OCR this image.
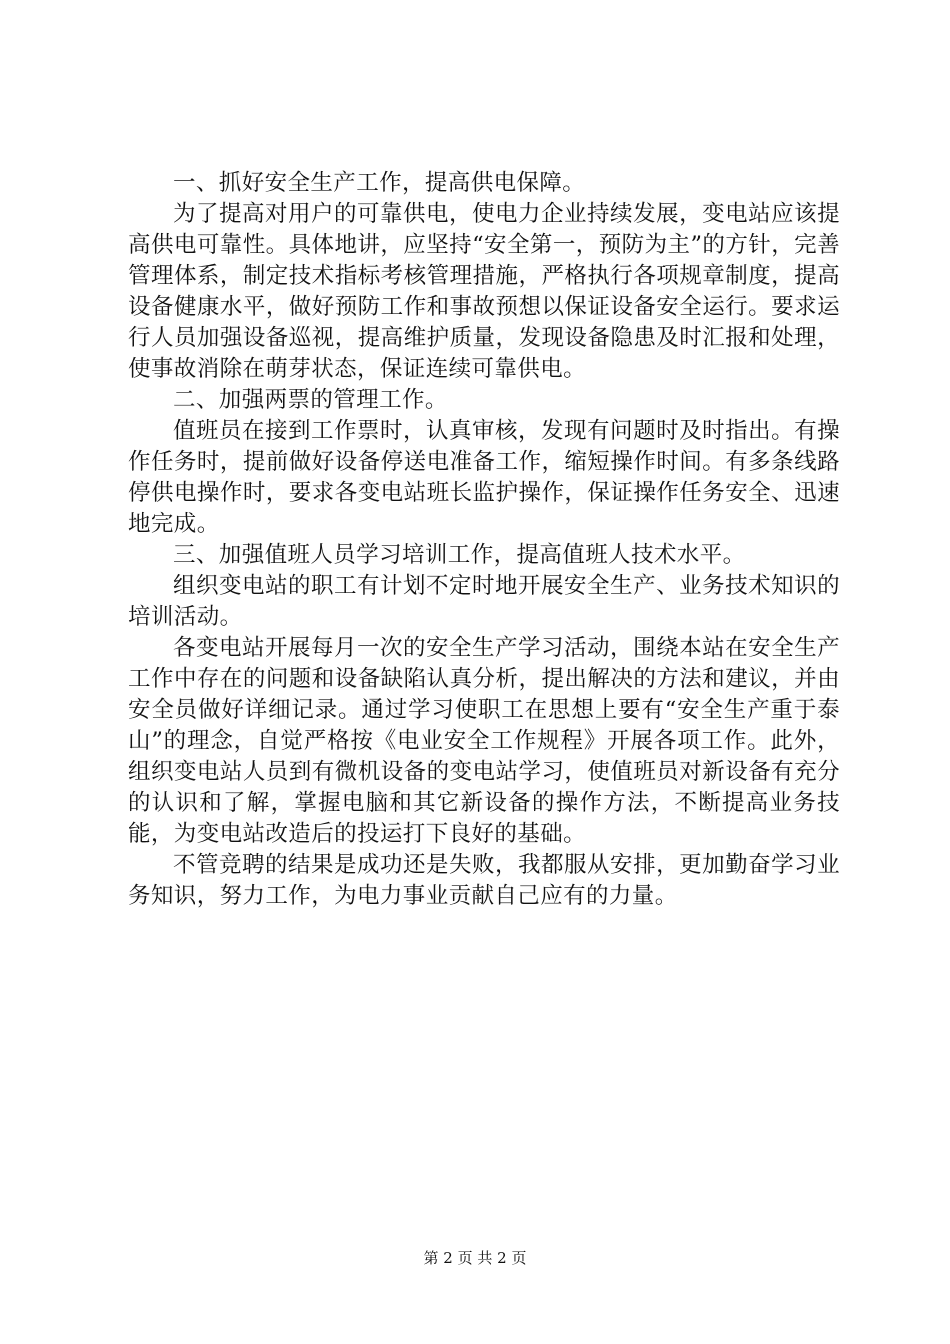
一、抓好安全生产工作，提高供电保障。

为了提高对用户的可靠供电，使电力企业持续发展，变电站应该提高供电可靠性。具体地讲，应坚持“安全第一，预防为主”的方针，完善管理体系，制定技术指标考核管理措施，严格执行各项规章制度，提高设备健康水平，做好预防工作和事故预想以保证设备安全运行。要求运行人员加强设备巡视，提高维护质量，发现设备隐患及时汇报和处理，使事故消除在萌芽状态，保证连续可靠供电。

二、加强两票的管理工作。

值班员在接到工作票时，认真审核，发现有问题时及时指出。有操作任务时，提前做好设备停送电准备工作，缩短操作时间。有多条线路停供电操作时，要求各变电站班长监护操作，保证操作任务安全、迅速地完成。

三、加强值班人员学习培训工作，提高值班人技术水平。

组织变电站的职工有计划不定时地开展安全生产、业务技术知识的培训活动。

各变电站开展每月一次的安全生产学习活动，围绕本站在安全生产工作中存在的问题和设备缺陷认真分析，提出解决的方法和建议，并由安全员做好详细记录。通过学习使职工在思想上要有“安全生产重于泰山”的理念，自觉严格按《电业安全工作规程》开展各项工作。此外，组织变电站人员到有微机设备的变电站学习，使值班员对新设备有充分的认识和了解，掌握电脑和其它新设备的操作方法，不断提高业务技能，为变电站改造后的投运打下良好的基础。

不管竞聘的结果是成功还是失败，我都服从安排，更加勤奋学习业务知识，努力工作，为电力事业贡献自己应有的力量。

第 2 页 共 2 页
